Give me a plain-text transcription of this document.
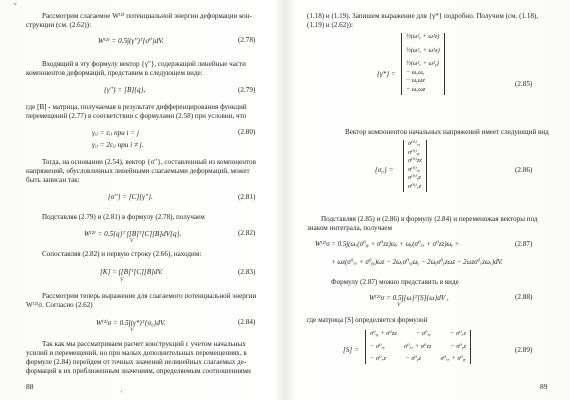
ˇ
Рассмотрим слагаемое W⁽²⁾ потенциальной энергии деформации кон-
струкции (см. (2.62)):
W⁽²⁾ = 0.5∫(γ′′)ᵀ{σ⁰}dV.	(2.78)
Входящий в эту формулу вектор {γ′′}, содержащий линейные части
компонентов деформаций, представим в следующем виде:
{γ′′} = [B]{q},	(2.79)
где [B] - матрица, получаемая в результате дифференцирования функций
перемещений (2.77) в соответствии с формулами (2.58) при условии, что
γᵢⱼ = εᵢⱼ при i = j	(2.80)
γᵢⱼ = 2εᵢⱼ при i ≠ j.
Тогда, на основании (2.54), вектор {σ′′}, составленный из компонентов
напряжений, обусловленных линейными слагаемыми деформаций, может
быть записан так:
{σ′′} = [C]{γ′′}.	(2.81)
Подставляя (2.79) и (2.81) в формулу (2.78), получаем
W⁽²⁾ = 0.5{q}ᵀ ∫[B]ᵀ[C][B]dV{q}.
V
(2.82)
Сопоставляя (2.82) и первую строку (2.66), находим:
[K] = ∫[B]ᵀ[C][B]dV.
V
(2.83)
Рассмотрим теперь выражение для слагаемого потенциальной энергии
W⁽²⁾σ. Согласно (2.62)
W⁽²⁾σ = 0.5∫(γ*)ᵀ{σ₀}dV.
V
(2.84)
Так как мы рассматриваем расчет конструкций с учетом начальных
усилий и перемещений, но при малых дополнительных перемещениях, в
формуле (2.84) перейдем от точных значений нелинейных слагаемых де-
формаций к их приближенным значениям, определяемым соотношениями
88
ʾ
(1.18) и (1.19). Запишем выражение для {γ*} подробно. Получим (см. (1.18),
(1.19) и (2.62)):
{γ*} =
½(ω²ᵧ + ω²z)
½(ω²ₓ + ω²z)
½(ω²ₓ + ω²ᵧ)
− ωₓωᵧ
− ωᵧωz
− ωₓωz
(2.85)
Вектор компонентов начальных напряжений имеет следующий вид
{σ₀} =
σ⁽⁰⁾ₓₓ
σ⁽⁰⁾ᵧᵧ
σ⁽⁰⁾zz
σ⁽⁰⁾ₓᵧ
σ⁽⁰⁾ᵧz
σ⁽⁰⁾ₓz
(2.86)
Подставляя (2.85) и (2.86) в формулу (2.84) и переменожая векторы под
знаком интеграла, получаем
W⁽²⁾σ = 0.5∫(ωₓ(σ⁰ᵧᵧ + σ⁰zz)ωₓ + ωᵧ(σ⁰ₓₓ + σ⁰zz)ωᵧ +	(2.87)
+ ωz(σ⁰ₓₓ + σ⁰ᵧᵧ)ωz − 2ωₓσ⁰ₓᵧωᵧ − 2ωᵧσ⁰ᵧzωz − 2ωzσ⁰ₓzωₓ)dV.
Формулу (2.87) можно представить в виде
W⁽²⁾σ = 0.5∫{ω}ᵀ[S]{ω}dV ,
V
(2.88)
где матрица [S] определяется формулой
[S] =
σ⁰ᵧᵧ + σ⁰zz	− σ⁰ₓᵧ	− σ⁰ₓz
− σ⁰ₓᵧ	σ⁰ₓₓ + σ⁰zz	− σ⁰ᵧz
− σ⁰ₓz	− σ⁰ᵧz	σ⁰ₓₓ + σ⁰ᵧᵧ
(2.89)
89
